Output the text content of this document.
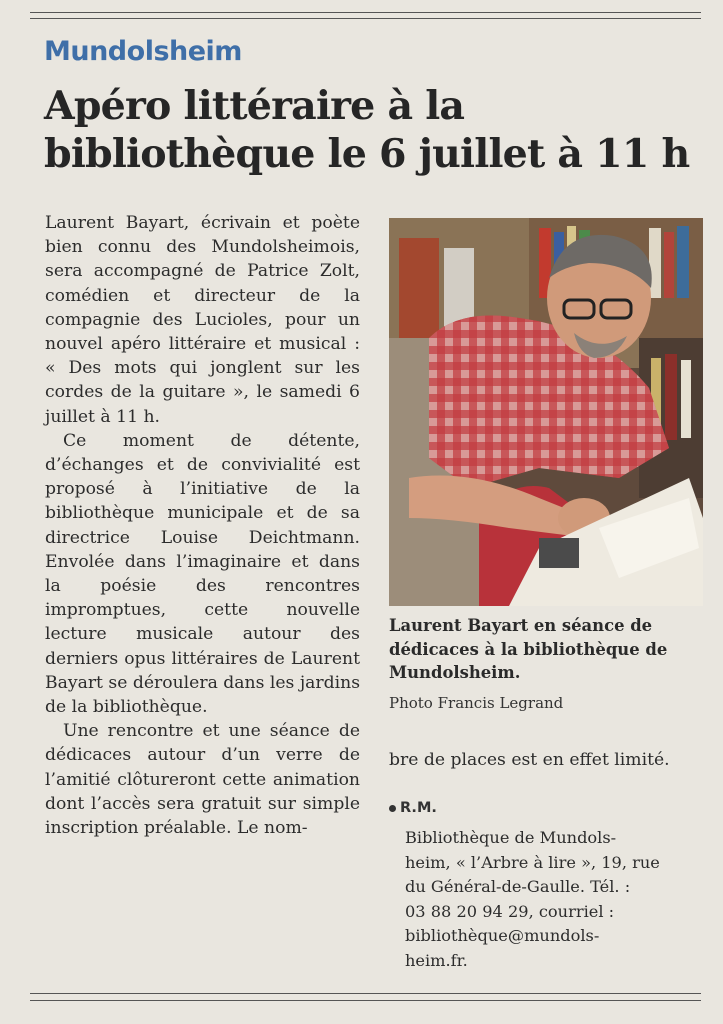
Mundolsheim
Apéro littéraire à la bibliothèque le 6 juillet à 11 h

Laurent Bayart, écrivain et poète bien connu des Mundolsheimois, sera accompagné de Patrice Zolt, comédien et directeur de la compagnie des Lucioles, pour un nouvel apéro littéraire et musical : « Des mots qui jonglent sur les cordes de la guitare », le samedi 6 juillet à 11 h.

Ce moment de détente, d’échanges et de convivialité est proposé à l’initiative de la bibliothèque municipale et de sa directrice Louise Deichtmann. Envolée dans l’imaginaire et dans la poésie des rencontres impromptues, cette nouvelle lecture musicale autour des derniers opus littéraires de Laurent Bayart se déroulera dans les jardins de la bibliothèque.

Une rencontre et une séance de dédicaces autour d’un verre de l’amitié clôtureront cette animation dont l’accès sera gratuit sur simple inscription préalable. Le nom-

Laurent Bayart en séance de dédicaces à la bibliothèque de Mundolsheim.
Photo Francis Legrand

bre de places est en effet limité.

R.M.
Bibliothèque de Mundols-
heim, « l’Arbre à lire », 19, rue
du Général-de-Gaulle. Tél. :
03 88 20 94 29, courriel :
bibliothèque@mundols-
heim.fr.
